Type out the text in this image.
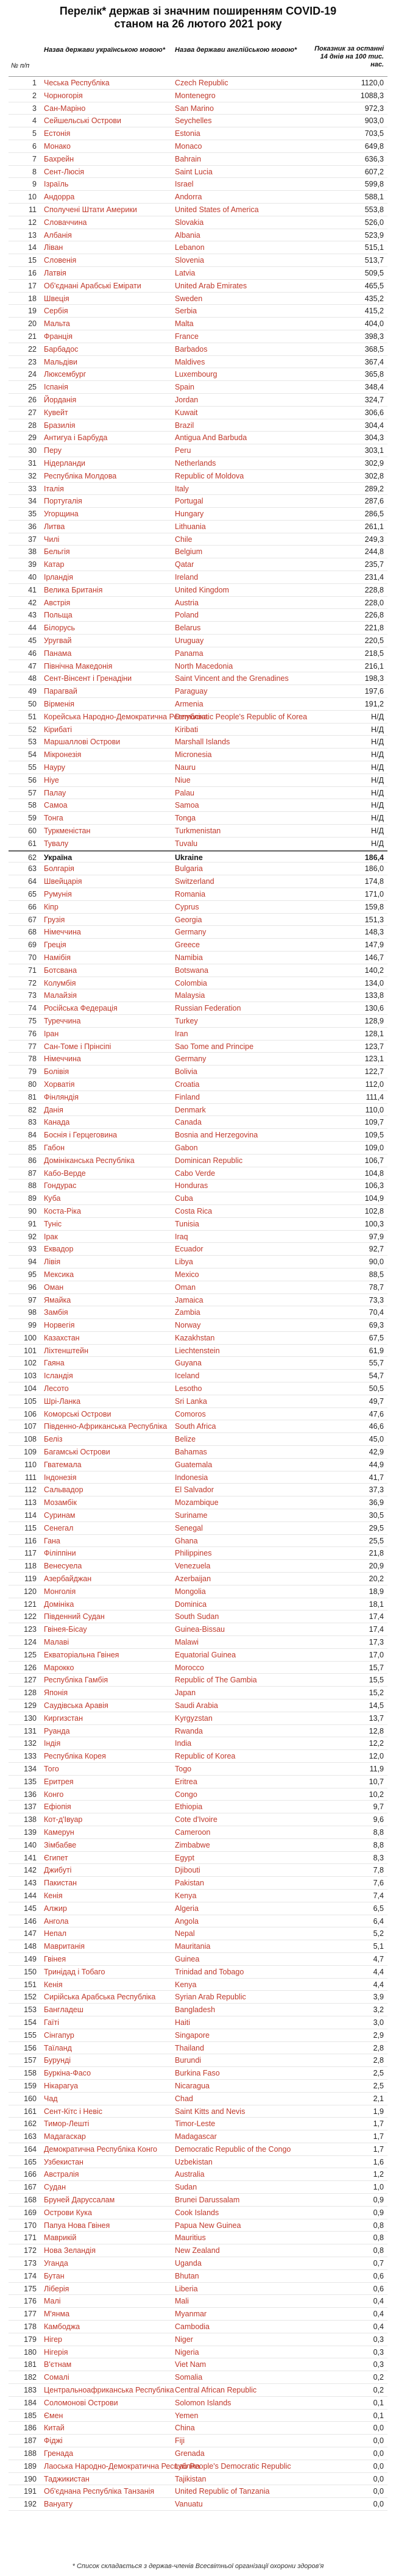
Перелік* держав зі значним поширенням COVID-19
станом на 26 лютого 2021 року
№ п/п
Назва держави українською мовою*	Назва держави англійською мовою*	Показник за останні 14 днів на 100 тис. нас.
1 Чеська Республіка	Czech Republic	1120,0
2 Чорногорія	Montenegro	1088,3
3 Сан-Маріно	San Marino	972,3
4 Сейшельські Острови	Seychelles	903,0
5 Естонія	Estonia	703,5
6 Монако	Monaco	649,8
7 Бахрейн	Bahrain	636,3
8 Сент-Люсія	Saint Lucia	607,2
9 Ізраїль	Israel	599,8
10 Андорра	Andorra	588,1
11 Сполучені Штати Америки	United States of America	553,8
12 Словаччина	Slovakia	526,0
13 Албанія	Albania	523,9
14 Ліван	Lebanon	515,1
15 Словенія	Slovenia	513,7
16 Латвія	Latvia	509,5
17 Об'єднані Арабські Емірати	United Arab Emirates	465,5
18 Швеція	Sweden	435,2
19 Сербія	Serbia	415,2
20 Мальта	Malta	404,0
21 Франція	France	398,3
22 Барбадос	Barbados	368,5
23 Мальдіви	Maldives	367,4
24 Люксембург	Luxembourg	365,8
25 Іспанія	Spain	348,4
26 Йорданія	Jordan	324,7
27 Кувейт	Kuwait	306,6
28 Бразилія	Brazil	304,4
29 Антигуа і Барбуда	Antigua And Barbuda	304,3
30 Перу	Peru	303,1
31 Нідерланди	Netherlands	302,9
32 Республіка Молдова	Republic of Moldova	302,8
33 Італія	Italy	289,2
34 Португалія	Portugal	287,6
35 Угорщина	Hungary	286,5
36 Литва	Lithuania	261,1
37 Чилі	Chile	249,3
38 Бельгія	Belgium	244,8
39 Катар	Qatar	235,7
40 Ірландія	Ireland	231,4
41 Велика Британія	United Kingdom	228,8
42 Австрія	Austria	228,0
43 Польща	Poland	226,8
44 Білорусь	Belarus	221,8
45 Уругвай	Uruguay	220,5
46 Панама	Panama	218,5
47 Північна Македонія	North Macedonia	216,1
48 Сент-Вінсент і Гренадіни	Saint Vincent and the Grenadines	198,3
49 Парагвай	Paraguay	197,6
50 Вірменія	Armenia	191,2
51 Корейська Народно-Демократична Республіка
Democratic People's Republic of Korea	Н/Д
52 Кірибаті	Kiribati	Н/Д
53 Маршаллові Острови	Marshall Islands	Н/Д
54 Мікронезія	Micronesia	Н/Д
55 Науру	Nauru	Н/Д
56 Ніуе	Niue	Н/Д
57 Палау	Palau	Н/Д
58 Самоа	Samoa	Н/Д
59 Тонга	Tonga	Н/Д
60 Туркменістан	Turkmenistan	Н/Д
61 Тувалу	Tuvalu	Н/Д
62 Україна	Ukraine	186,4
63 Болгарія	Bulgaria	186,0
64 Швейцарія	Switzerland	174,8
65 Румунія	Romania	171,0
66 Кіпр	Cyprus	159,8
67 Грузія	Georgia	151,3
68 Німеччина	Germany	148,3
69 Греція	Greece	147,9
70 Намібія	Namibia	146,7
71 Ботсвана	Botswana	140,2
72 Колумбія	Colombia	134,0
73 Малайзія	Malaysia	133,8
74 Російська Федерація	Russian Federation	130,6
75 Туреччина	Turkey	128,9
76 Іран	Iran	128,1
77 Сан-Томе і Прінсіпі	Sao Tome and Principe	123,7
78 Німеччина	Germany	123,1
79 Болівія	Bolivia	122,7
80 Хорватія	Croatia	112,0
81 Фінляндія	Finland	111,4
82 Данія	Denmark	110,0
83 Канада	Canada	109,7
84 Боснія і Герцеговина	Bosnia and Herzegovina	109,5
85 Габон	Gabon	109,0
86 Домініканська Республіка	Dominican Republic	106,7
87 Кабо-Верде	Cabo Verde	104,8
88 Гондурас	Honduras	106,3
89 Куба	Cuba	104,9
90 Коста-Ріка	Costa Rica	102,8
91 Туніс	Tunisia	100,3
92 Ірак	Iraq	97,9
93 Еквадор	Ecuador	92,7
94 Лівія	Libya	90,0
95 Мексика	Mexico	88,5
96 Оман	Oman	78,7
97 Ямайка	Jamaica	73,3
98 Замбія	Zambia	70,4
99 Норвегія	Norway	69,3
100 Казахстан	Kazakhstan	67,5
101 Ліхтенштейн	Liechtenstein	61,9
102 Гаяна	Guyana	55,7
103 Ісландія	Iceland	54,7
104 Лесото	Lesotho	50,5
105 Шрі-Ланка	Sri Lanka	49,7
106 Коморські Острови	Comoros	47,6
107 Південно-Африканська Республіка	South Africa	46,6
108 Беліз	Belize	45,0
109 Багамські Острови	Bahamas	42,9
110 Гватемала	Guatemala	44,9
111 Індонезія	Indonesia	41,7
112 Сальвадор	El Salvador	37,3
113 Мозамбік	Mozambique	36,9
114 Суринам	Suriname	30,5
115 Сенегал	Senegal	29,5
116 Гана	Ghana	25,5
117 Філіппіни	Philippines	21,8
118 Венесуела	Venezuela	20,9
119 Азербайджан	Azerbaijan	20,2
120 Монголія	Mongolia	18,9
121 Домініка	Dominica	18,1
122 Південний Судан	South Sudan	17,4
123 Гвінея-Бісау	Guinea-Bissau	17,4
124 Малаві	Malawi	17,3
125 Екваторіальна Гвінея	Equatorial Guinea	17,0
126 Марокко	Morocco	15,7
127 Республіка Гамбія	Republic of The Gambia	15,5
128 Японія	Japan	15,2
129 Саудівська Аравія	Saudi Arabia	14,5
130 Киргизстан	Kyrgyzstan	13,7
131 Руанда	Rwanda	12,8
132 Індія	India	12,2
133 Республіка Корея	Republic of Korea	12,0
134 Того	Togo	11,9
135 Еритрея	Eritrea	10,7
136 Конго	Congo	10,2
137 Ефіопія	Ethiopia	9,7
138 Кот-д'Івуар	Cote d'Ivoire	9,6
139 Камерун	Cameroon	8,8
140 Зімбабве	Zimbabwe	8,8
141 Єгипет	Egypt	8,3
142 Джибуті	Djibouti	7,8
143 Пакистан	Pakistan	7,6
144 Кенія	Kenya	7,4
145 Алжир	Algeria	6,5
146 Ангола	Angola	6,4
147 Непал	Nepal	5,2
148 Мавританія	Mauritania	5,1
149 Гвінея	Guinea	4,7
150 Тринідад і Тобаго	Trinidad and Tobago	4,4
151 Кенія	Kenya	4,4
152 Сирійська Арабська Республіка	Syrian Arab Republic	3,9
153 Бангладеш	Bangladesh	3,2
154 Гаїті	Haiti	3,0
155 Сінгапур	Singapore	2,9
156 Таїланд	Thailand	2,8
157 Бурунді	Burundi	2,8
158 Буркіна-Фасо	Burkina Faso	2,5
159 Нікарагуа	Nicaragua	2,5
160 Чад	Chad	2,1
161 Сент-Кітс і Невіс	Saint Kitts and Nevis	1,9
162 Тимор-Лешті	Timor-Leste	1,7
163 Мадагаскар	Madagascar	1,7
164 Демократична Республіка Конго	Democratic Republic of the Congo	1,7
165 Узбекистан	Uzbekistan	1,6
166 Австралія	Australia	1,2
167 Судан	Sudan	1,0
168 Бруней Даруссалам	Brunei Darussalam	0,9
169 Острови Кука	Cook Islands	0,9
170 Папуа Нова Гвінея	Papua New Guinea	0,8
171 Маврикій	Mauritius	0,8
172 Нова Зеландія	New Zealand	0,8
173 Уганда	Uganda	0,7
174 Бутан	Bhutan	0,6
175 Ліберія	Liberia	0,6
176 Малі	Mali	0,4
177 М'янма	Myanmar	0,4
178 Камбоджа	Cambodia	0,4
179 Нігер	Niger	0,3
180 Нігерія	Nigeria	0,3
181 В'єтнам	Viet Nam	0,3
182 Сомалі	Somalia	0,2
183 Центральноафриканська Республіка Central African Republic	0,2
184 Соломонові Острови	Solomon Islands	0,1
185 Ємен	Yemen	0,1
186 Китай	China	0,0
187 Фіджі	Fiji	0,0
188 Гренада	Grenada	0,0
189 Лаоська Народно-Демократична Республіка
Lao People's Democratic Republic	0,0
190 Таджикистан	Tajikistan	0,0
191 Об'єднана Республіка Танзанія	United Republic of Tanzania	0,0
192 Вануату	Vanuatu	0,0
* Список складається з держав-членів Всесвітньої організації охорони здоров'я
